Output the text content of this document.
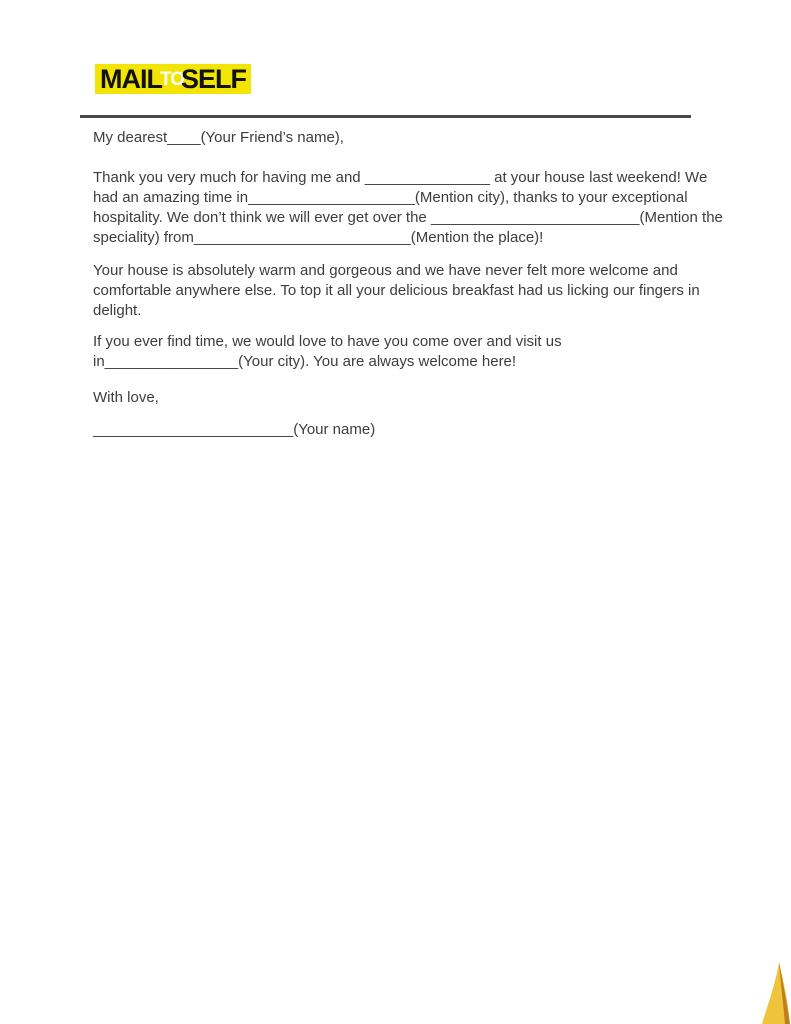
MAIL
TO
SELF
My dearest____(Your Friend’s name),
Thank you very much for having me and _______________ at your house last weekend! We
had an amazing time in____________________(Mention city), thanks to your exceptional
hospitality. We don’t think we will ever get over the _________________________(Mention the
speciality) from__________________________(Mention the place)!
Your house is absolutely warm and gorgeous and we have never felt more welcome and
comfortable anywhere else. To top it all your delicious breakfast had us licking our fingers in
delight.
If you ever find time, we would love to have you come over and visit us
in________________(Your city). You are always welcome here!
With love,
________________________(Your name)
